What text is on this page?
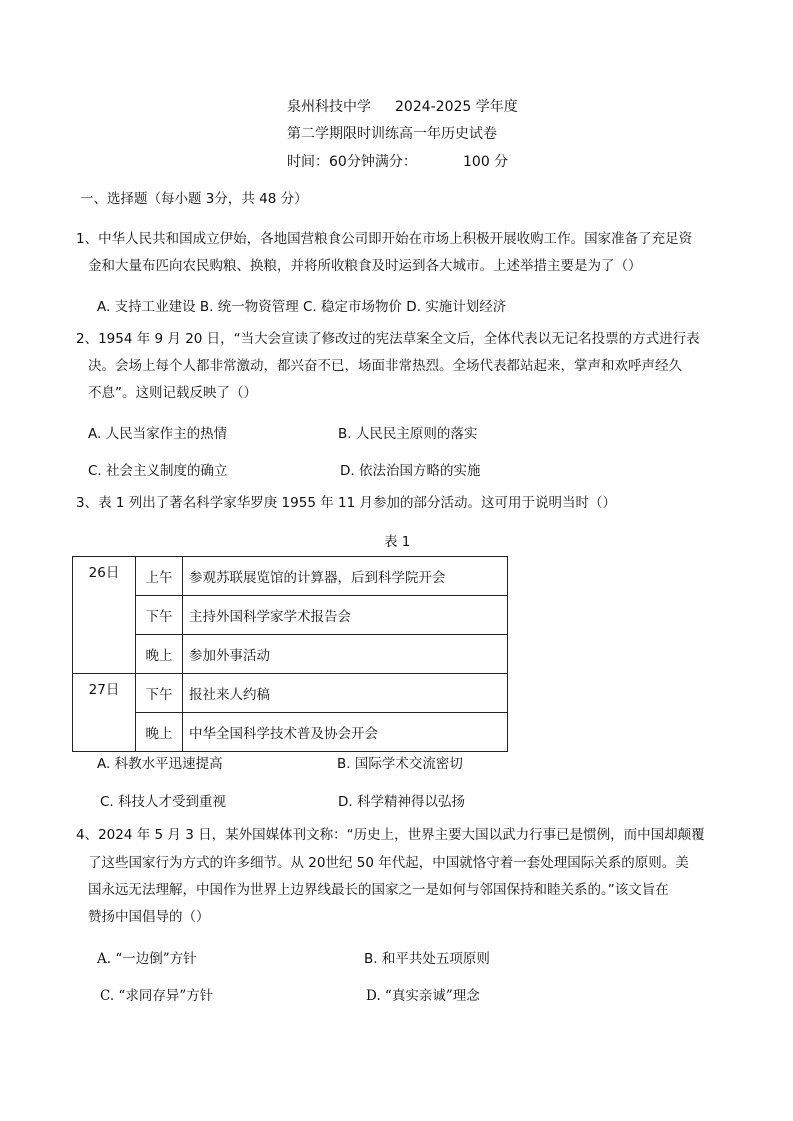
泉州科技中学 2024-2025 学年度
第二学期限时训练高一年历史试卷
时间：60分钟满分：	100 分
一、选择题（每小题 3分，共 48 分）
1、中华人民共和国成立伊始，各地国营粮食公司即开始在市场上积极开展收购工作。国家准备了充足资
金和大量布匹向农民购粮、换粮，并将所收粮食及时运到各大城市。上述举措主要是为了（）
A. 支持工业建设 B. 统一物资管理 C. 稳定市场物价 D. 实施计划经济
2、1954 年 9 月 20 日，“当大会宣读了修改过的宪法草案全文后，全体代表以无记名投票的方式进行表
决。会场上每个人都非常激动，都兴奋不已，场面非常热烈。全场代表都站起来，掌声和欢呼声经久
不息”。这则记载反映了（）
A. 人民当家作主的热情	B. 人民民主原则的落实
C. 社会主义制度的确立	D. 依法治国方略的实施
3、表 1 列出了著名科学家华罗庚 1955 年 11 月参加的部分活动。这可用于说明当时（）
表 1
26日	上午	参观苏联展览馆的计算器，后到科学院开会
	下午	主持外国科学家学术报告会
	晚上	参加外事活动
27日	下午	报社来人约稿
	晚上	中华全国科学技术普及协会开会
A. 科教水平迅速提高	B. 国际学术交流密切
C. 科技人才受到重视	D. 科学精神得以弘扬
4、2024 年 5 月 3 日，某外国媒体刊文称：“历史上，世界主要大国以武力行事已是惯例，而中国却颠覆
了这些国家行为方式的许多细节。从 20世纪 50 年代起，中国就恪守着一套处理国际关系的原则。美
国永远无法理解，中国作为世界上边界线最长的国家之一是如何与邻国保持和睦关系的。”该文旨在
赞扬中国倡导的（）
A. “一边倒”方针	B. 和平共处五项原则
C. “求同存异”方针	D. “真实亲诚”理念
